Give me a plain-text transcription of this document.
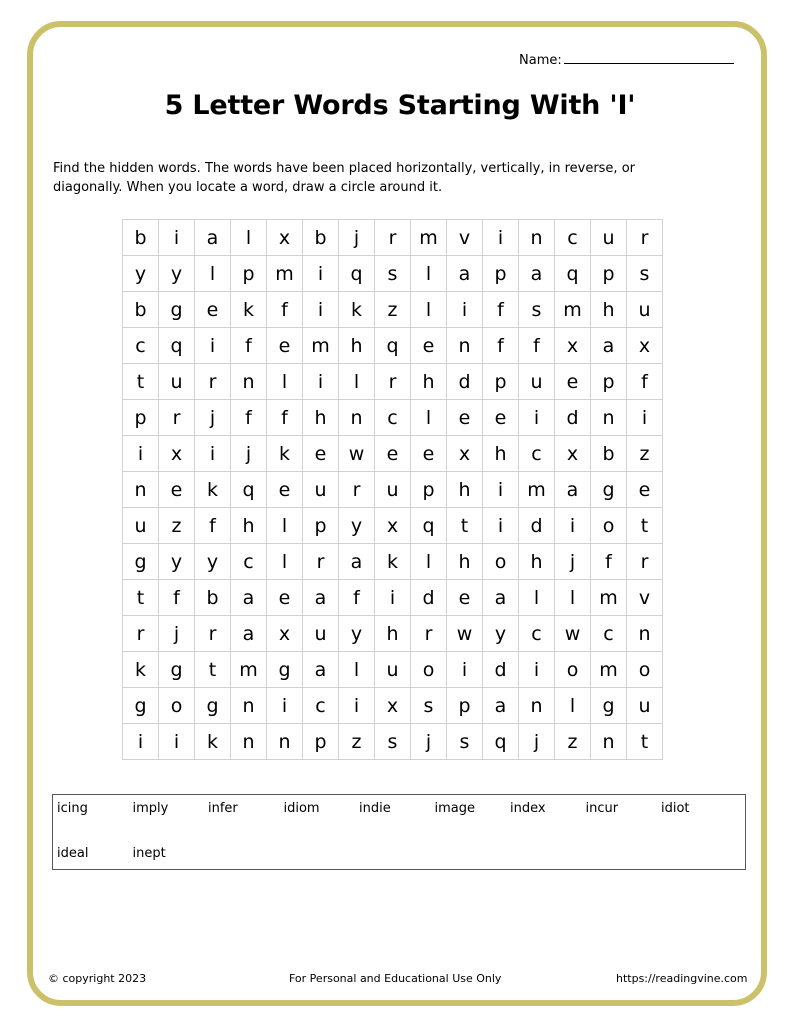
Name:
5 Letter Words Starting With 'I'
Find the hidden words. The words have been placed horizontally, vertically, in reverse, or diagonally. When you locate a word, draw a circle around it.
b	i	a	l	x	b	j	r	m	v	i	n	c	u	r
y	y	l	p	m	i	q	s	l	a	p	a	q	p	s
b	g	e	k	f	i	k	z	l	i	f	s	m	h	u
c	q	i	f	e	m	h	q	e	n	f	f	x	a	x
t	u	r	n	l	i	l	r	h	d	p	u	e	p	f
p	r	j	f	f	h	n	c	l	e	e	i	d	n	i
i	x	i	j	k	e	w	e	e	x	h	c	x	b	z
n	e	k	q	e	u	r	u	p	h	i	m	a	g	e
u	z	f	h	l	p	y	x	q	t	i	d	i	o	t
g	y	y	c	l	r	a	k	l	h	o	h	j	f	r
t	f	b	a	e	a	f	i	d	e	a	l	l	m	v
r	j	r	a	x	u	y	h	r	w	y	c	w	c	n
k	g	t	m	g	a	l	u	o	i	d	i	o	m	o
g	o	g	n	i	c	i	x	s	p	a	n	l	g	u
i	i	k	n	n	p	z	s	j	s	q	j	z	n	t
icing	imply	infer	idiom	indie	image	index	incur	idiot
ideal	inept
© copyright 2023	For Personal and Educational Use Only	https://readingvine.com
